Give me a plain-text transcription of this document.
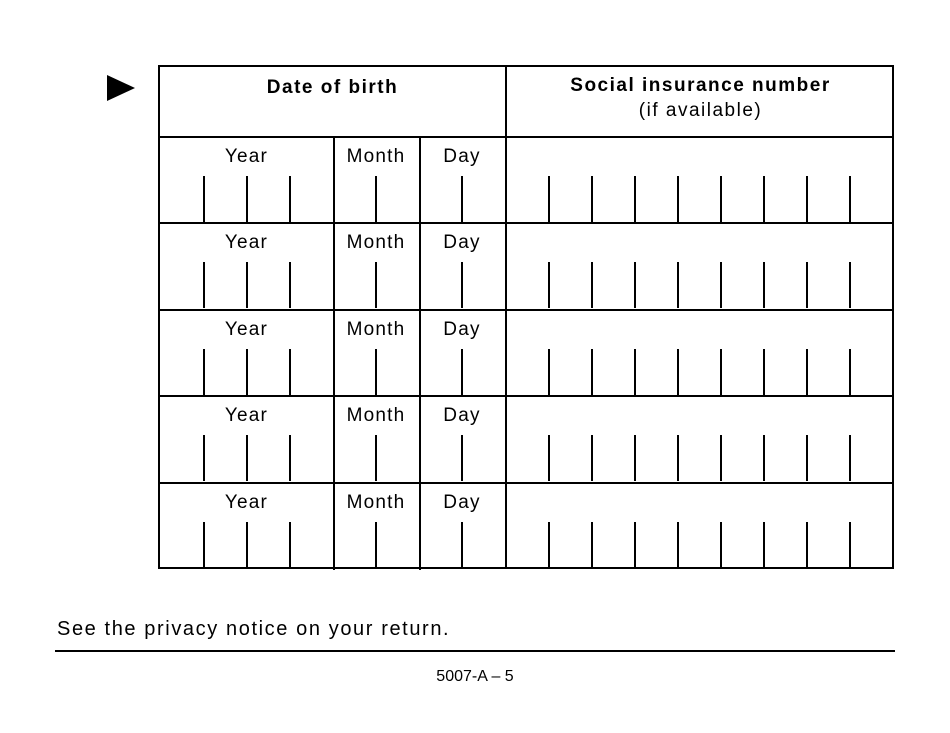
Date of birth	Social insurance number
(if available)
Year	Month	Day
Year	Month	Day
Year	Month	Day
Year	Month	Day
Year	Month	Day
See the privacy notice on your return.
5007-A – 5
